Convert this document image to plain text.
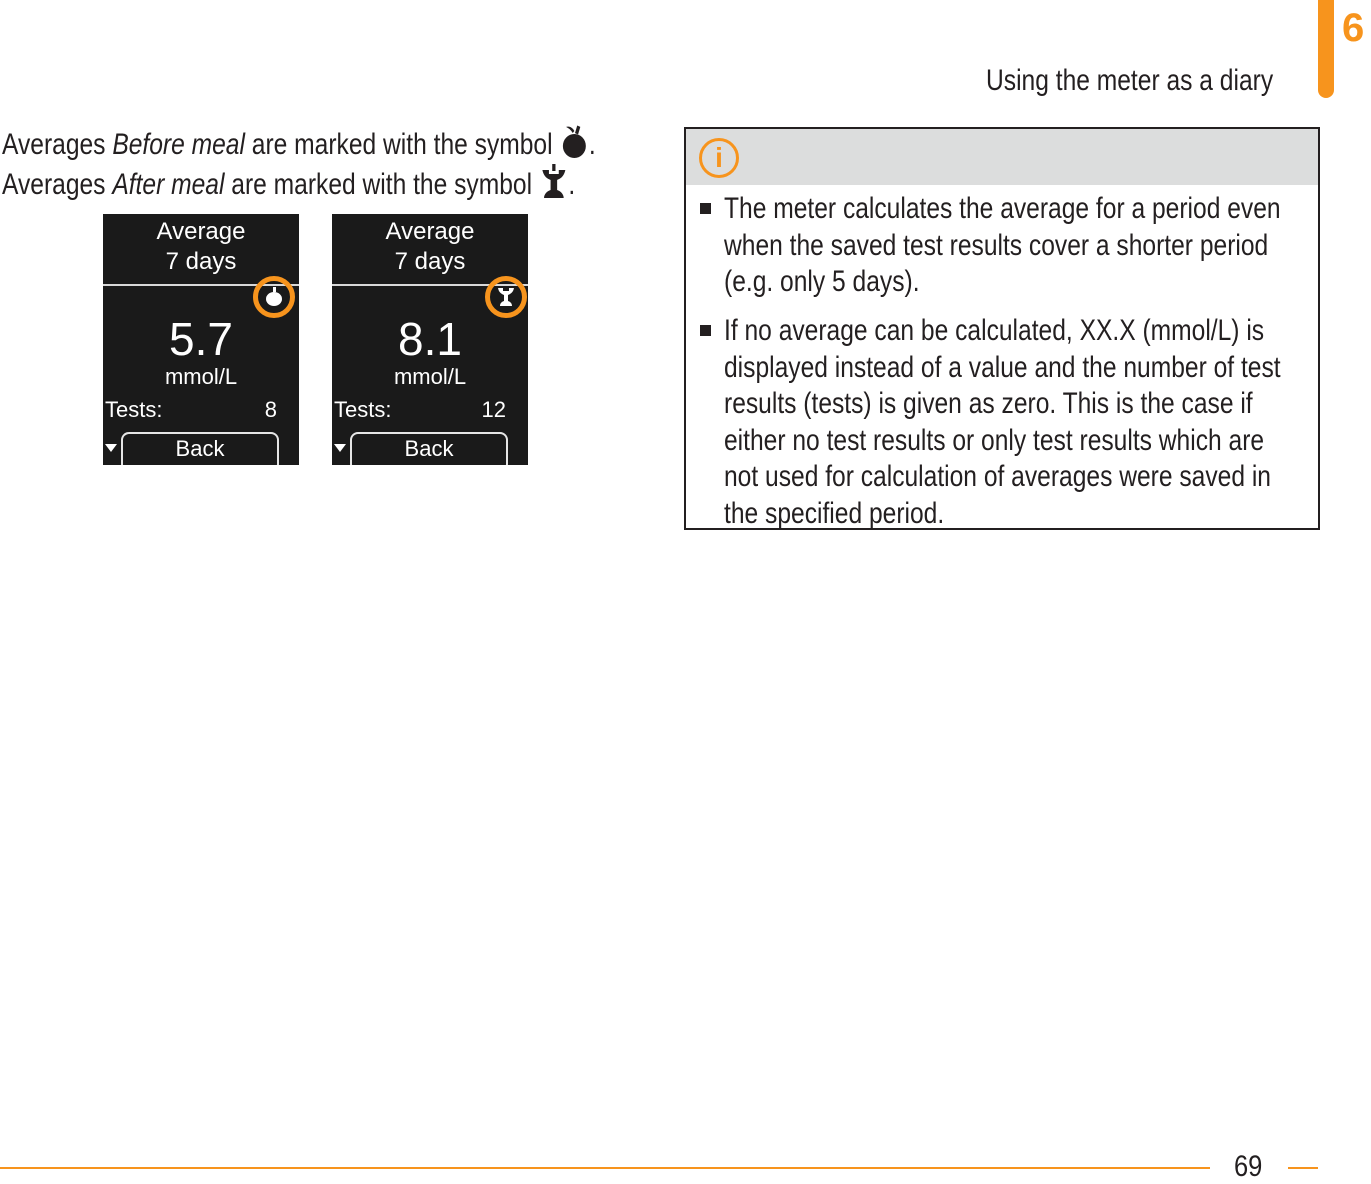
Using the meter as a diary
6
Averages Before meal are marked with the symbol .
Averages After meal are marked with the symbol .
Average
7 days
5.7
mmol/L
Tests:	8
Back
Average
7 days
8.1
mmol/L
Tests:	12
Back
i
The meter calculates the average for a period even
when the saved test results cover a shorter period
(e.g. only 5 days).
If no average can be calculated, XX.X (mmol/L) is
displayed instead of a value and the number of test
results (tests) is given as zero. This is the case if
either no test results or only test results which are
not used for calculation of averages were saved in
the specified period.
69
